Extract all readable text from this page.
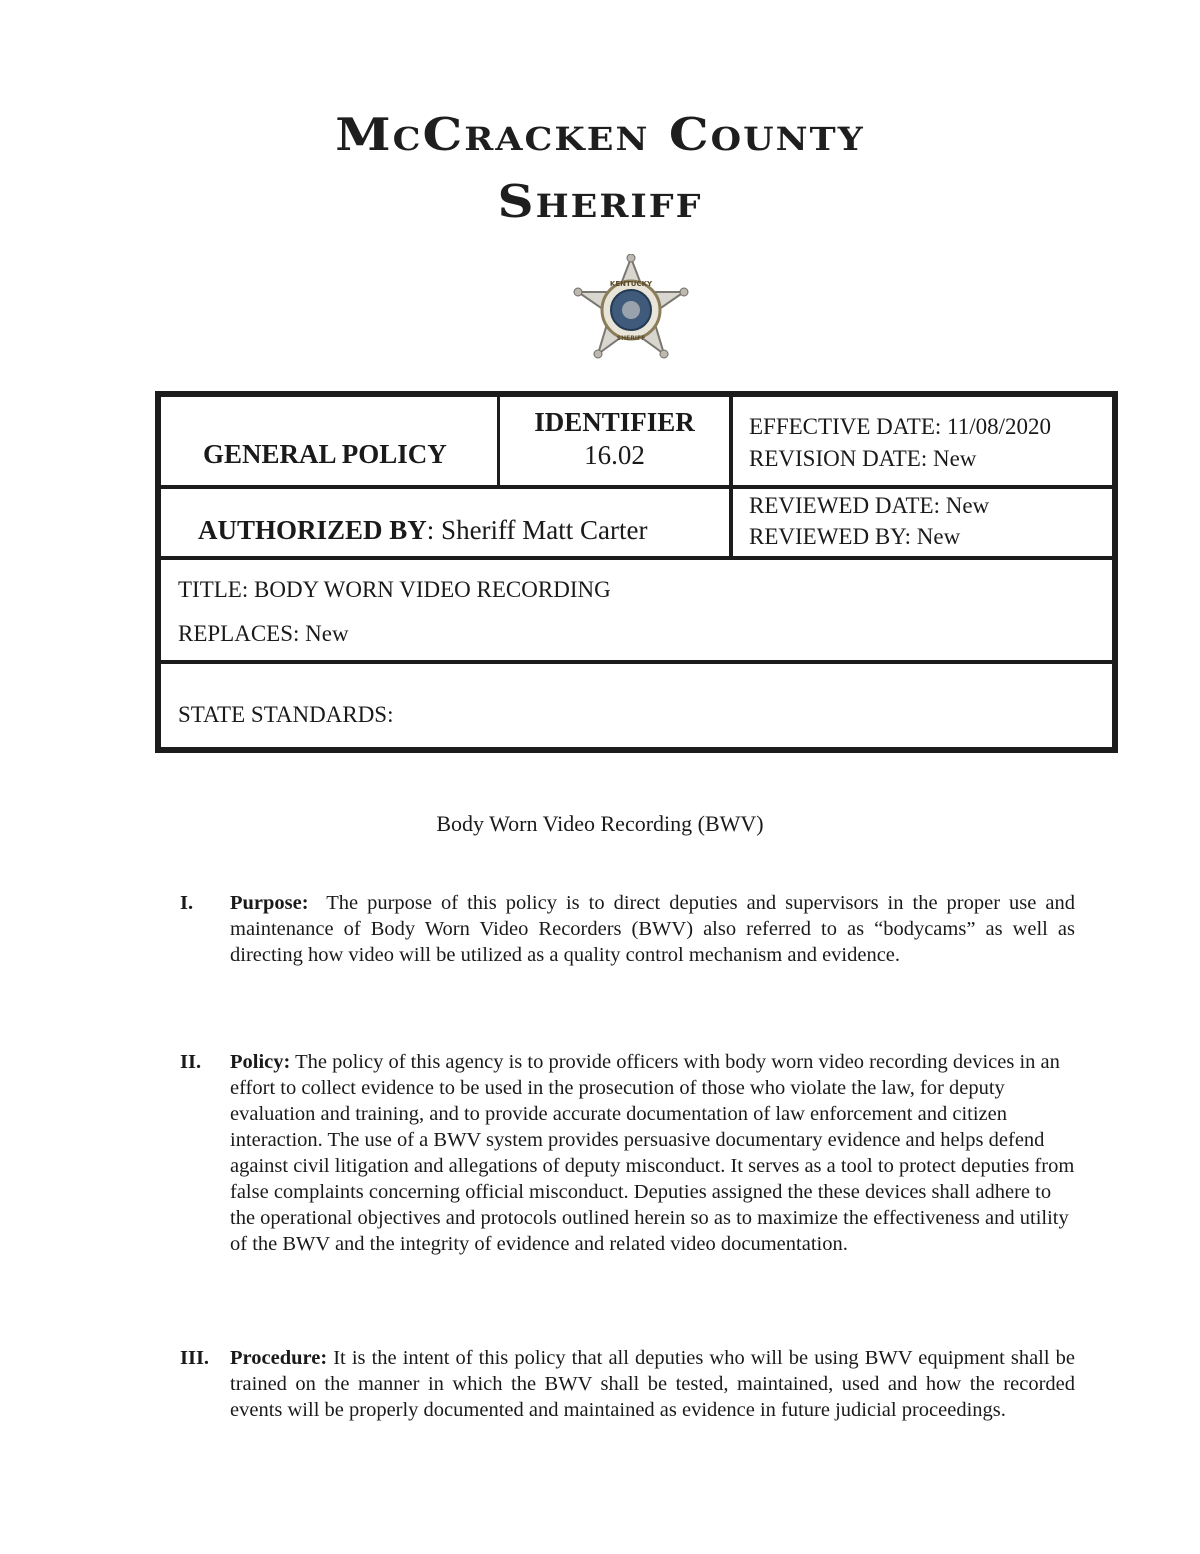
McCracken County
Sheriff
KENTUCKY
SHERIFF
GENERAL POLICY
IDENTIFIER
16.02
EFFECTIVE DATE: 11/08/2020
REVISION DATE: New
AUTHORIZED BY: Sheriff Matt Carter
REVIEWED DATE: New
REVIEWED BY: New
TITLE: BODY WORN VIDEO RECORDING
REPLACES: New
STATE STANDARDS:
Body Worn Video Recording (BWV)
I. Purpose: The purpose of this policy is to direct deputies and supervisors in the proper use and maintenance of Body Worn Video Recorders (BWV) also referred to as “bodycams” as well as directing how video will be utilized as a quality control mechanism and evidence.
II. Policy: The policy of this agency is to provide officers with body worn video recording devices in an effort to collect evidence to be used in the prosecution of those who violate the law, for deputy evaluation and training, and to provide accurate documentation of law enforcement and citizen interaction. The use of a BWV system provides persuasive documentary evidence and helps defend against civil litigation and allegations of deputy misconduct. It serves as a tool to protect deputies from false complaints concerning official misconduct. Deputies assigned the these devices shall adhere to the operational objectives and protocols outlined herein so as to maximize the effectiveness and utility of the BWV and the integrity of evidence and related video documentation.
III. Procedure: It is the intent of this policy that all deputies who will be using BWV equipment shall be trained on the manner in which the BWV shall be tested, maintained, used and how the recorded events will be properly documented and maintained as evidence in future judicial proceedings.
